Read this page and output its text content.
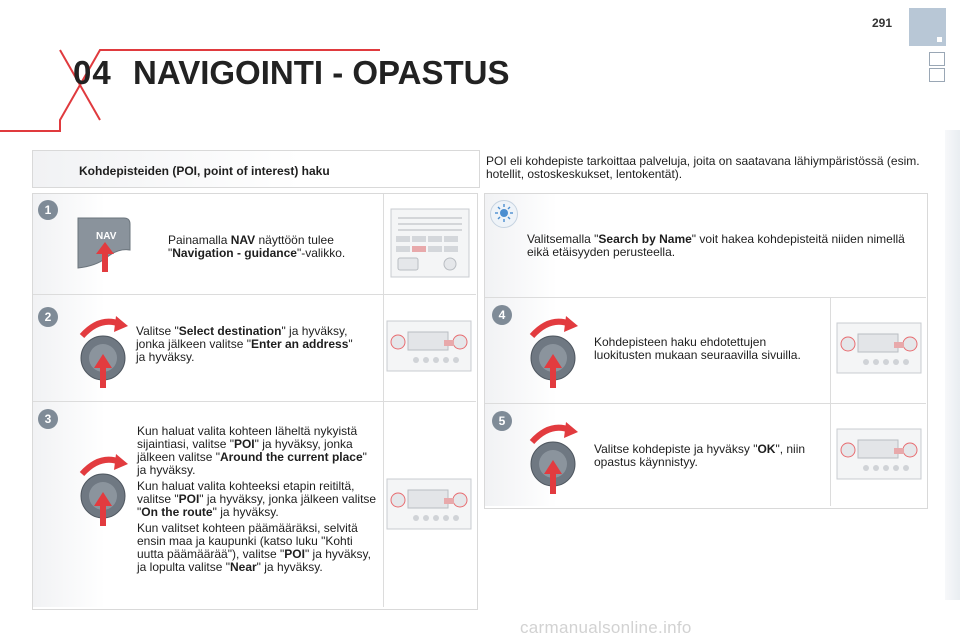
04 NAVIGOINTI - OPASTUS
291
Kohdepisteiden (POI, point of interest) haku
POI eli kohdepiste tarkoittaa palveluja, joita on saatavana lähiympäristössä (esim. hotellit, ostoskeskukset, lentokentät).
1
NAV	Painamalla NAV näyttöön tulee

"Navigation - guidance"-valikko.

2

Valitse "Select destination" ja hyväksy,

jonka jälkeen valitse "Enter an address"

ja hyväksy.

3

Kun haluat valita kohteen läheltä nykyistä sijaintiasi, valitse "POI" ja hyväksy, jonka jälkeen valitse "Around the current place" ja hyväksy.

Kun haluat valita kohteeksi etapin reitiltä, valitse "POI" ja hyväksy, jonka jälkeen valitse "On the route" ja hyväksy.

Kun valitset kohteen päämääräksi, selvitä ensin maa ja kaupunki (katso luku "Kohti uutta päämäärää"), valitse "POI" ja hyväksy, ja lopulta valitse "Near" ja hyväksy.

Valitsemalla "Search by Name" voit hakea kohdepisteitä niiden nimellä eikä etäisyyden perusteella.
4
Kohdepisteen haku ehdotettujen luokitusten mukaan seuraavilla sivuilla.
5
Valitse kohdepiste ja hyväksy "OK", niin opastus käynnistyy.
carmanualsonline.info
